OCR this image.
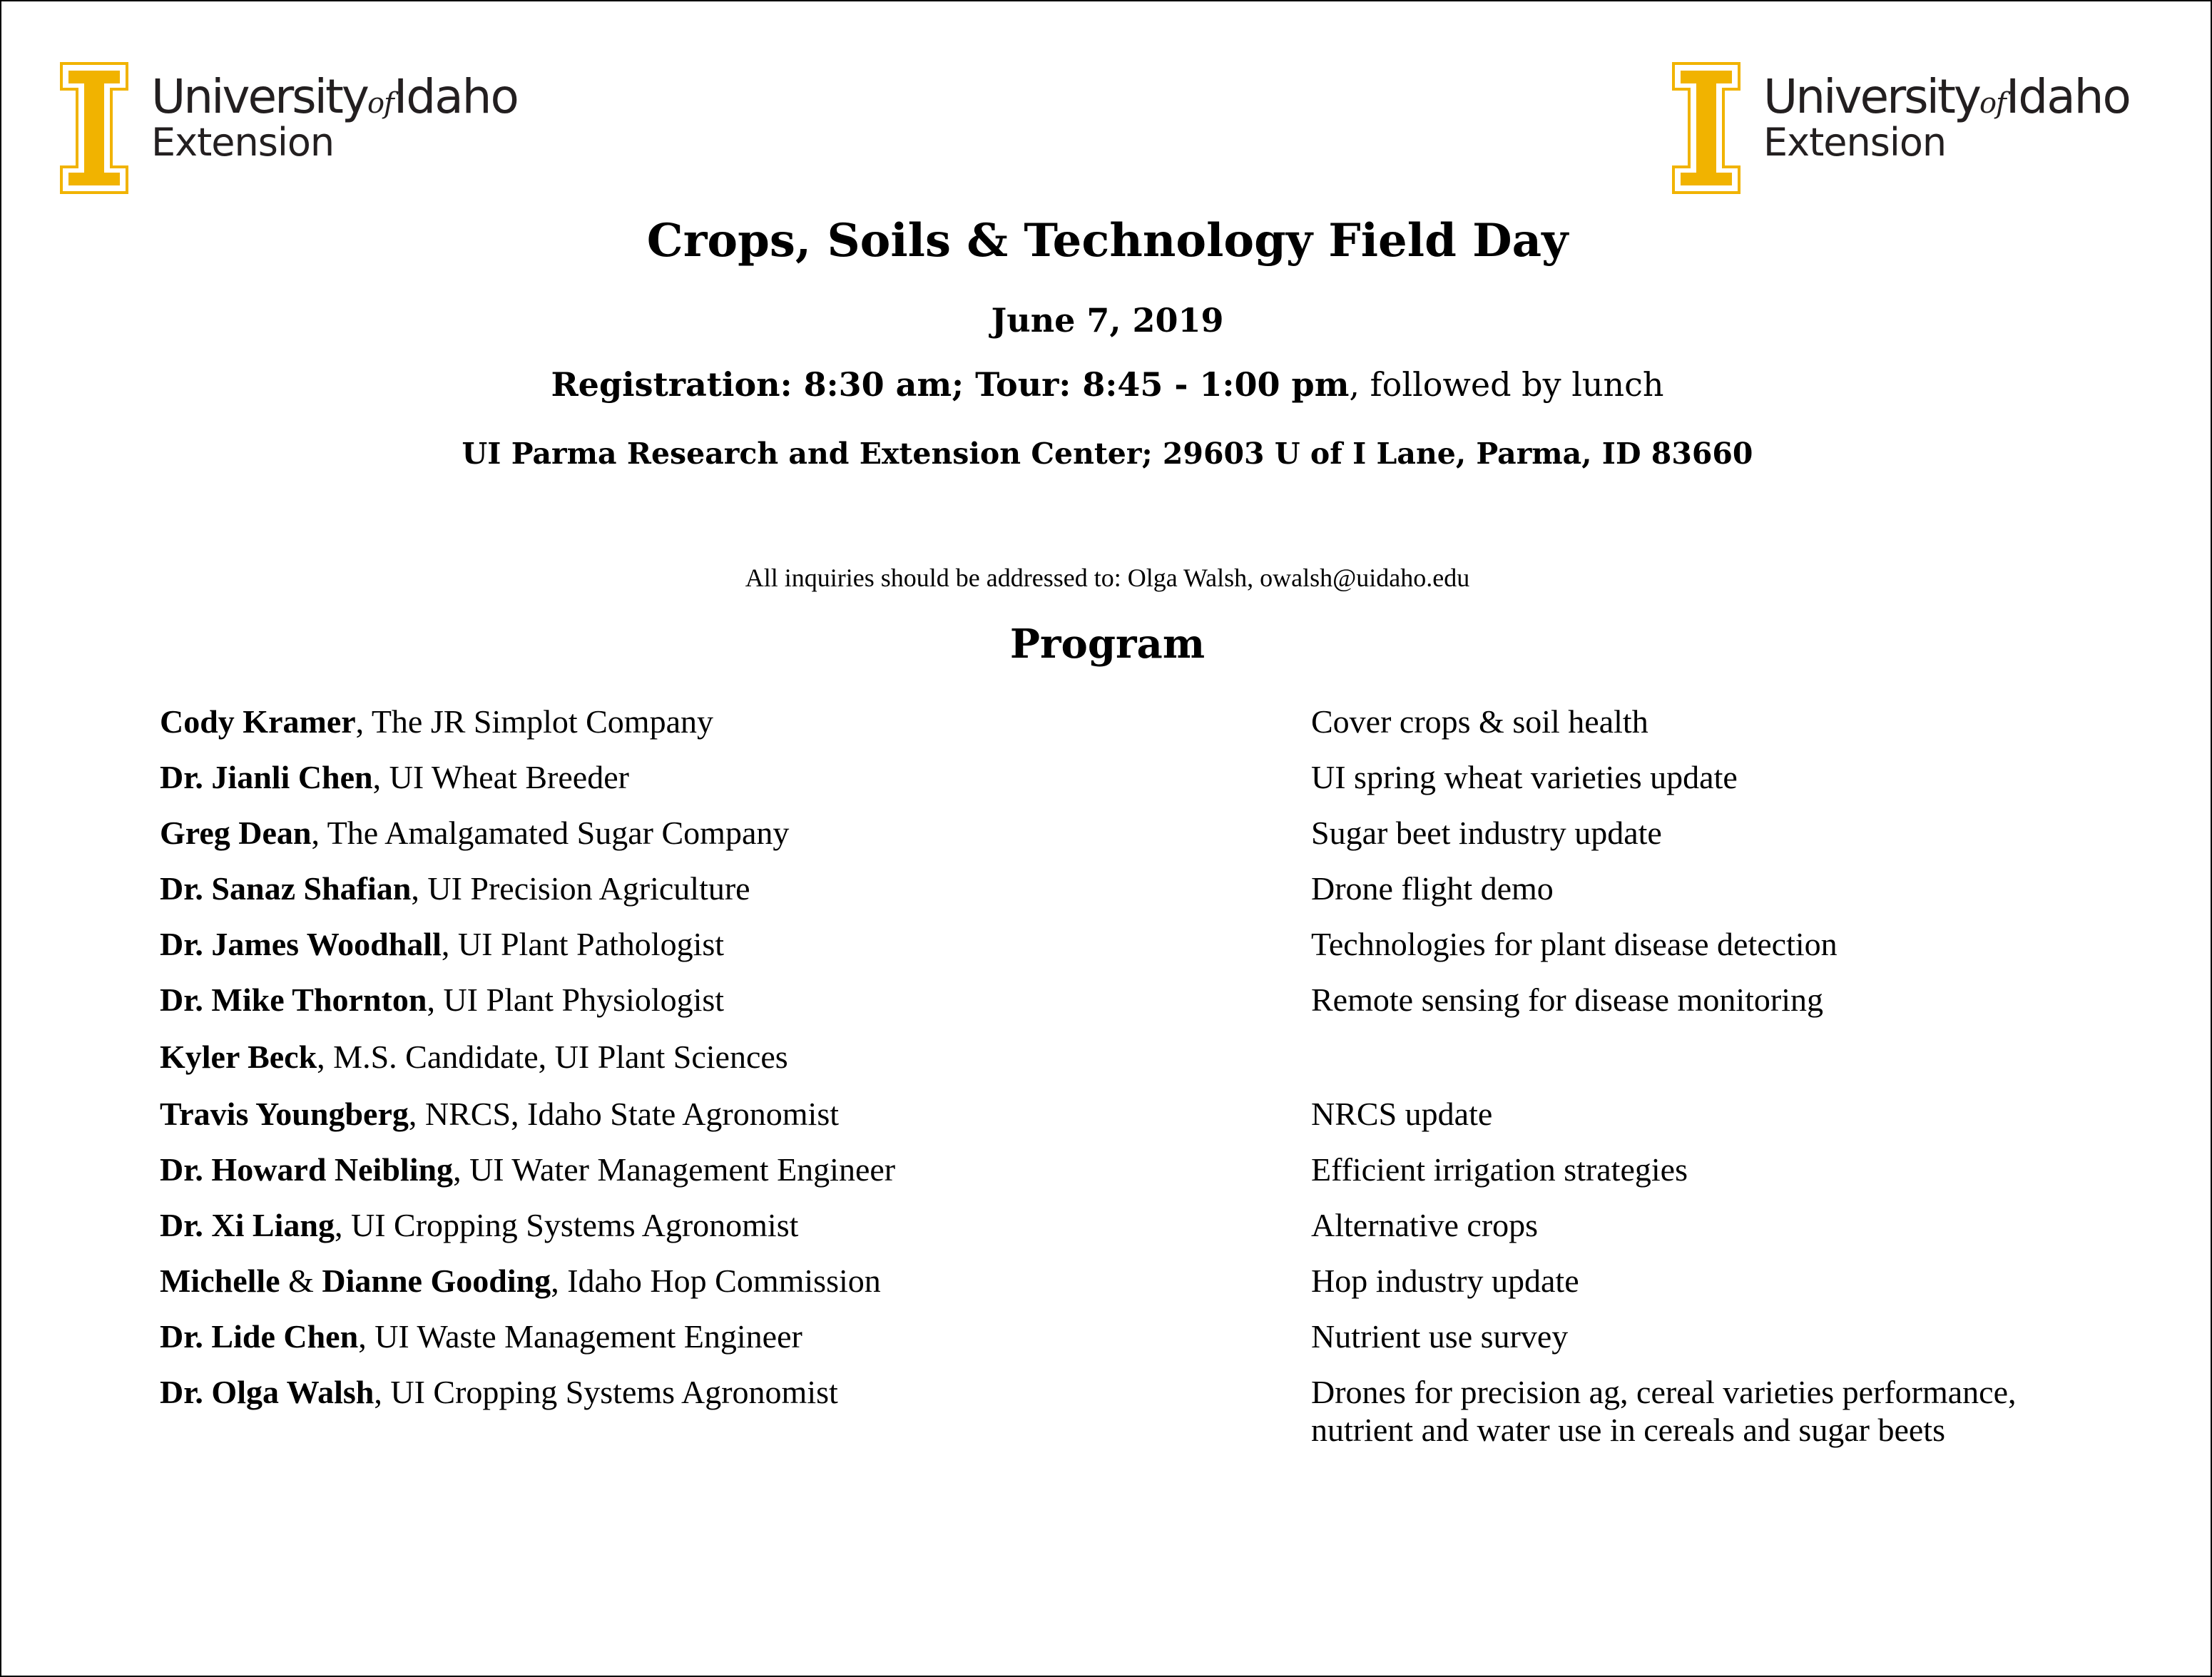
UniversityofIdaho
Extension
UniversityofIdaho
Extension
Crops, Soils & Technology Field Day
June 7, 2019
Registration: 8:30 am; Tour: 8:45 - 1:00 pm, followed by lunch
UI Parma Research and Extension Center; 29603 U of I Lane, Parma, ID 83660
All inquiries should be addressed to: Olga Walsh, owalsh@uidaho.edu
Program
Cody Kramer, The JR Simplot Company	Cover crops & soil health
Dr. Jianli Chen, UI Wheat Breeder	UI spring wheat varieties update
Greg Dean, The Amalgamated Sugar Company	Sugar beet industry update
Dr. Sanaz Shafian, UI Precision Agriculture	Drone flight demo
Dr. James Woodhall, UI Plant Pathologist	Technologies for plant disease detection
Dr. Mike Thornton, UI Plant Physiologist	Remote sensing for disease monitoring
Kyler Beck, M.S. Candidate, UI Plant Sciences
Travis Youngberg, NRCS, Idaho State Agronomist	NRCS update
Dr. Howard Neibling, UI Water Management Engineer	Efficient irrigation strategies
Dr. Xi Liang, UI Cropping Systems Agronomist	Alternative crops
Michelle & Dianne Gooding, Idaho Hop Commission	Hop industry update
Dr. Lide Chen, UI Waste Management Engineer	Nutrient use survey
Dr. Olga Walsh, UI Cropping Systems Agronomist	Drones for precision ag, cereal varieties performance, nutrient and water use in cereals and sugar beets
